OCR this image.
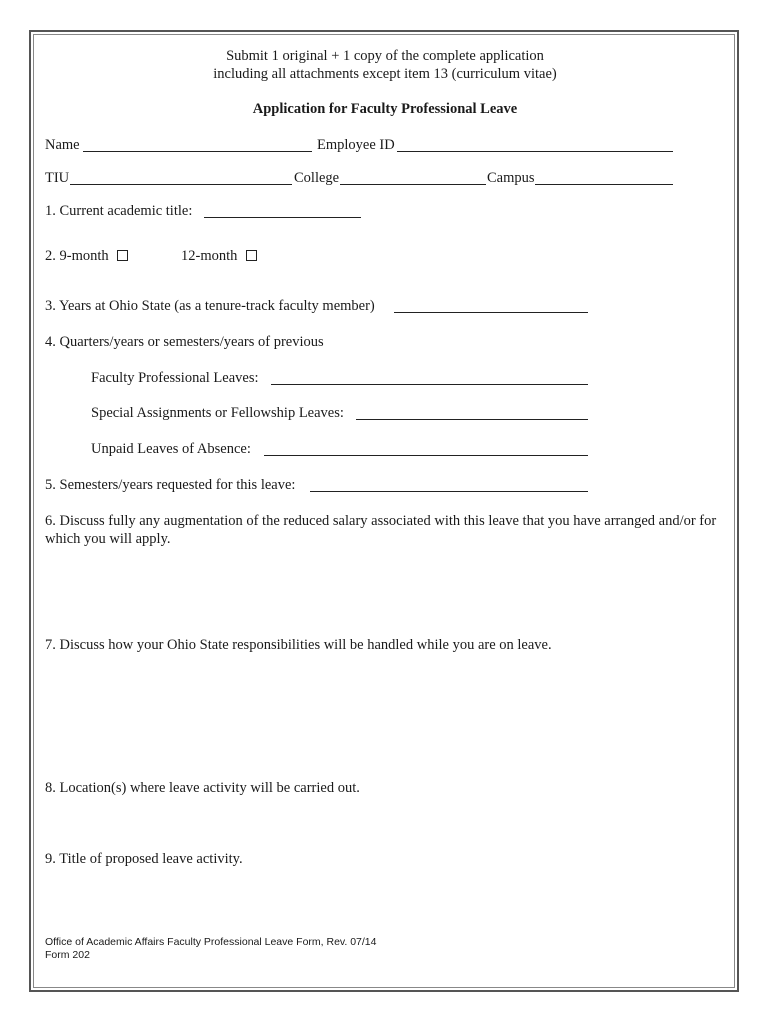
Submit 1 original + 1 copy of the complete application
including all attachments except item 13 (curriculum vitae)
Application for Faculty Professional Leave
Name	Employee ID
TIU	College	Campus
1. Current academic title:
2. 9-month	12-month
3. Years at Ohio State (as a tenure-track faculty member)
4. Quarters/years or semesters/years of previous
Faculty Professional Leaves:
Special Assignments or Fellowship Leaves:
Unpaid Leaves of Absence:
5. Semesters/years requested for this leave:
6. Discuss fully any augmentation of the reduced salary associated with this leave that you have arranged and/or for which you will apply.
7. Discuss how your Ohio State responsibilities will be handled while you are on leave.
8. Location(s) where leave activity will be carried out.
9. Title of proposed leave activity.
Office of Academic Affairs Faculty Professional Leave Form, Rev. 07/14
Form 202
